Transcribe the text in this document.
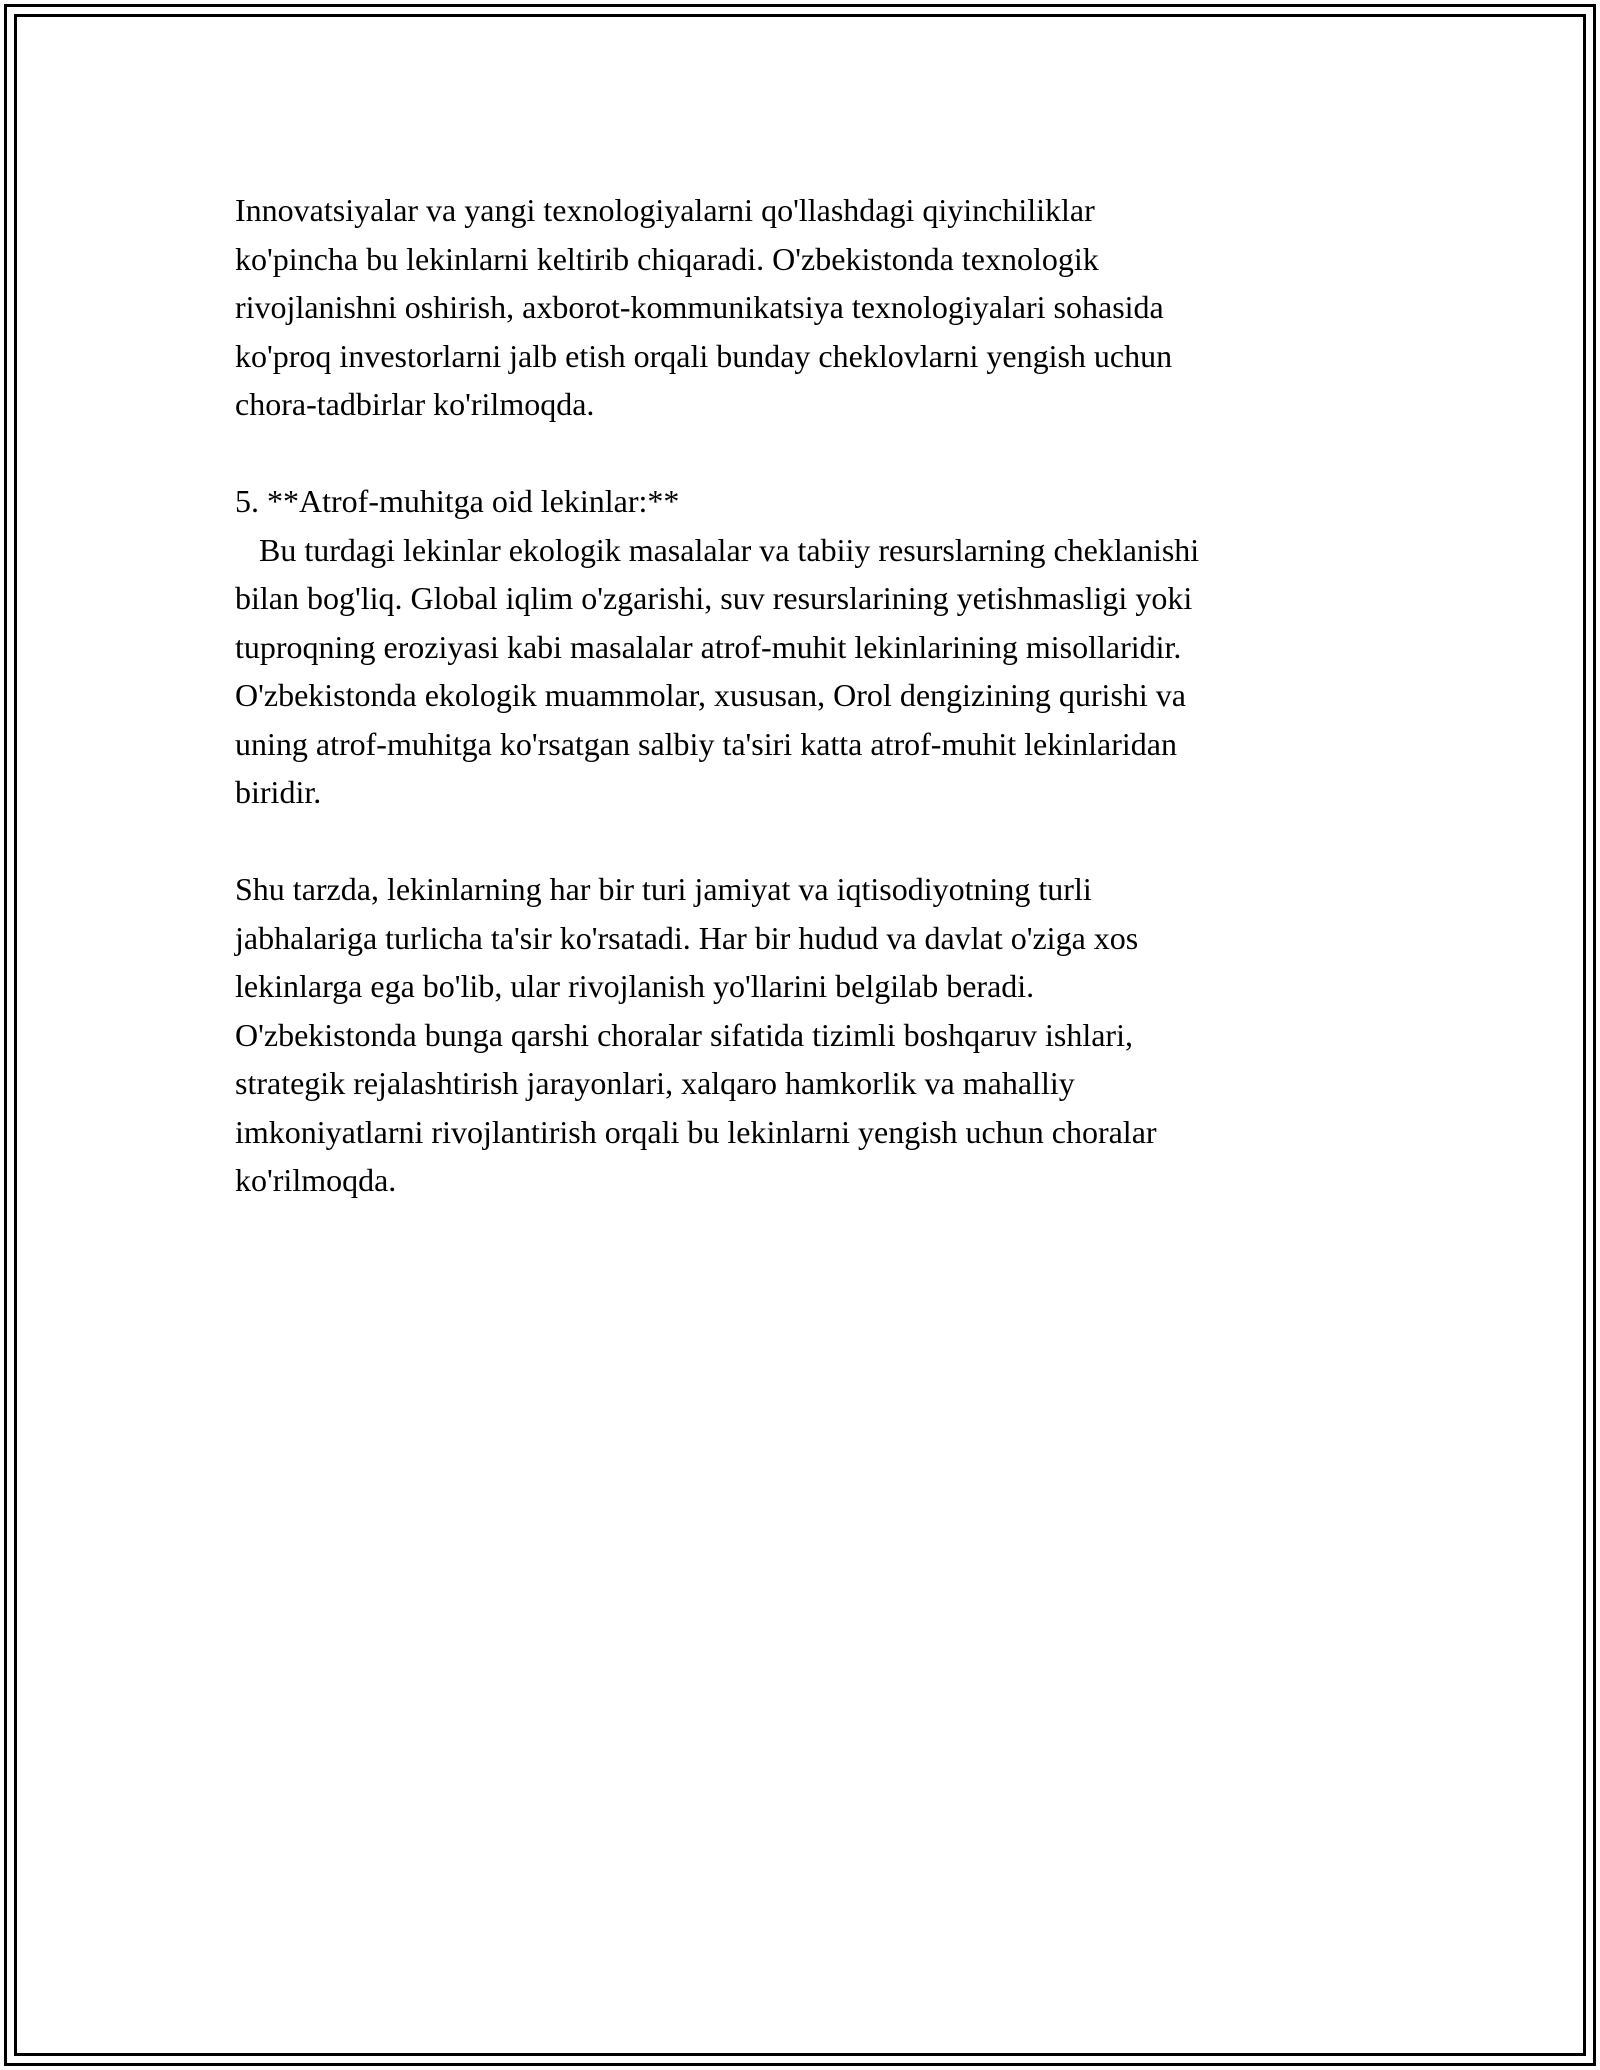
Innovatsiyalar va yangi texnologiyalarni qo'llashdagi qiyinchiliklar
ko'pincha bu lekinlarni keltirib chiqaradi. O'zbekistonda texnologik
rivojlanishni oshirish, axborot-kommunikatsiya texnologiyalari sohasida
ko'proq investorlarni jalb etish orqali bunday cheklovlarni yengish uchun
chora-tadbirlar ko'rilmoqda.

5. **Atrof-muhitga oid lekinlar:**
Bu turdagi lekinlar ekologik masalalar va tabiiy resurslarning cheklanishi
bilan bog'liq. Global iqlim o'zgarishi, suv resurslarining yetishmasligi yoki
tuproqning eroziyasi kabi masalalar atrof-muhit lekinlarining misollaridir.
O'zbekistonda ekologik muammolar, xususan, Orol dengizining qurishi va
uning atrof-muhitga ko'rsatgan salbiy ta'siri katta atrof-muhit lekinlaridan
biridir.

Shu tarzda, lekinlarning har bir turi jamiyat va iqtisodiyotning turli
jabhalariga turlicha ta'sir ko'rsatadi. Har bir hudud va davlat o'ziga xos
lekinlarga ega bo'lib, ular rivojlanish yo'llarini belgilab beradi.
O'zbekistonda bunga qarshi choralar sifatida tizimli boshqaruv ishlari,
strategik rejalashtirish jarayonlari, xalqaro hamkorlik va mahalliy
imkoniyatlarni rivojlantirish orqali bu lekinlarni yengish uchun choralar
ko'rilmoqda.
